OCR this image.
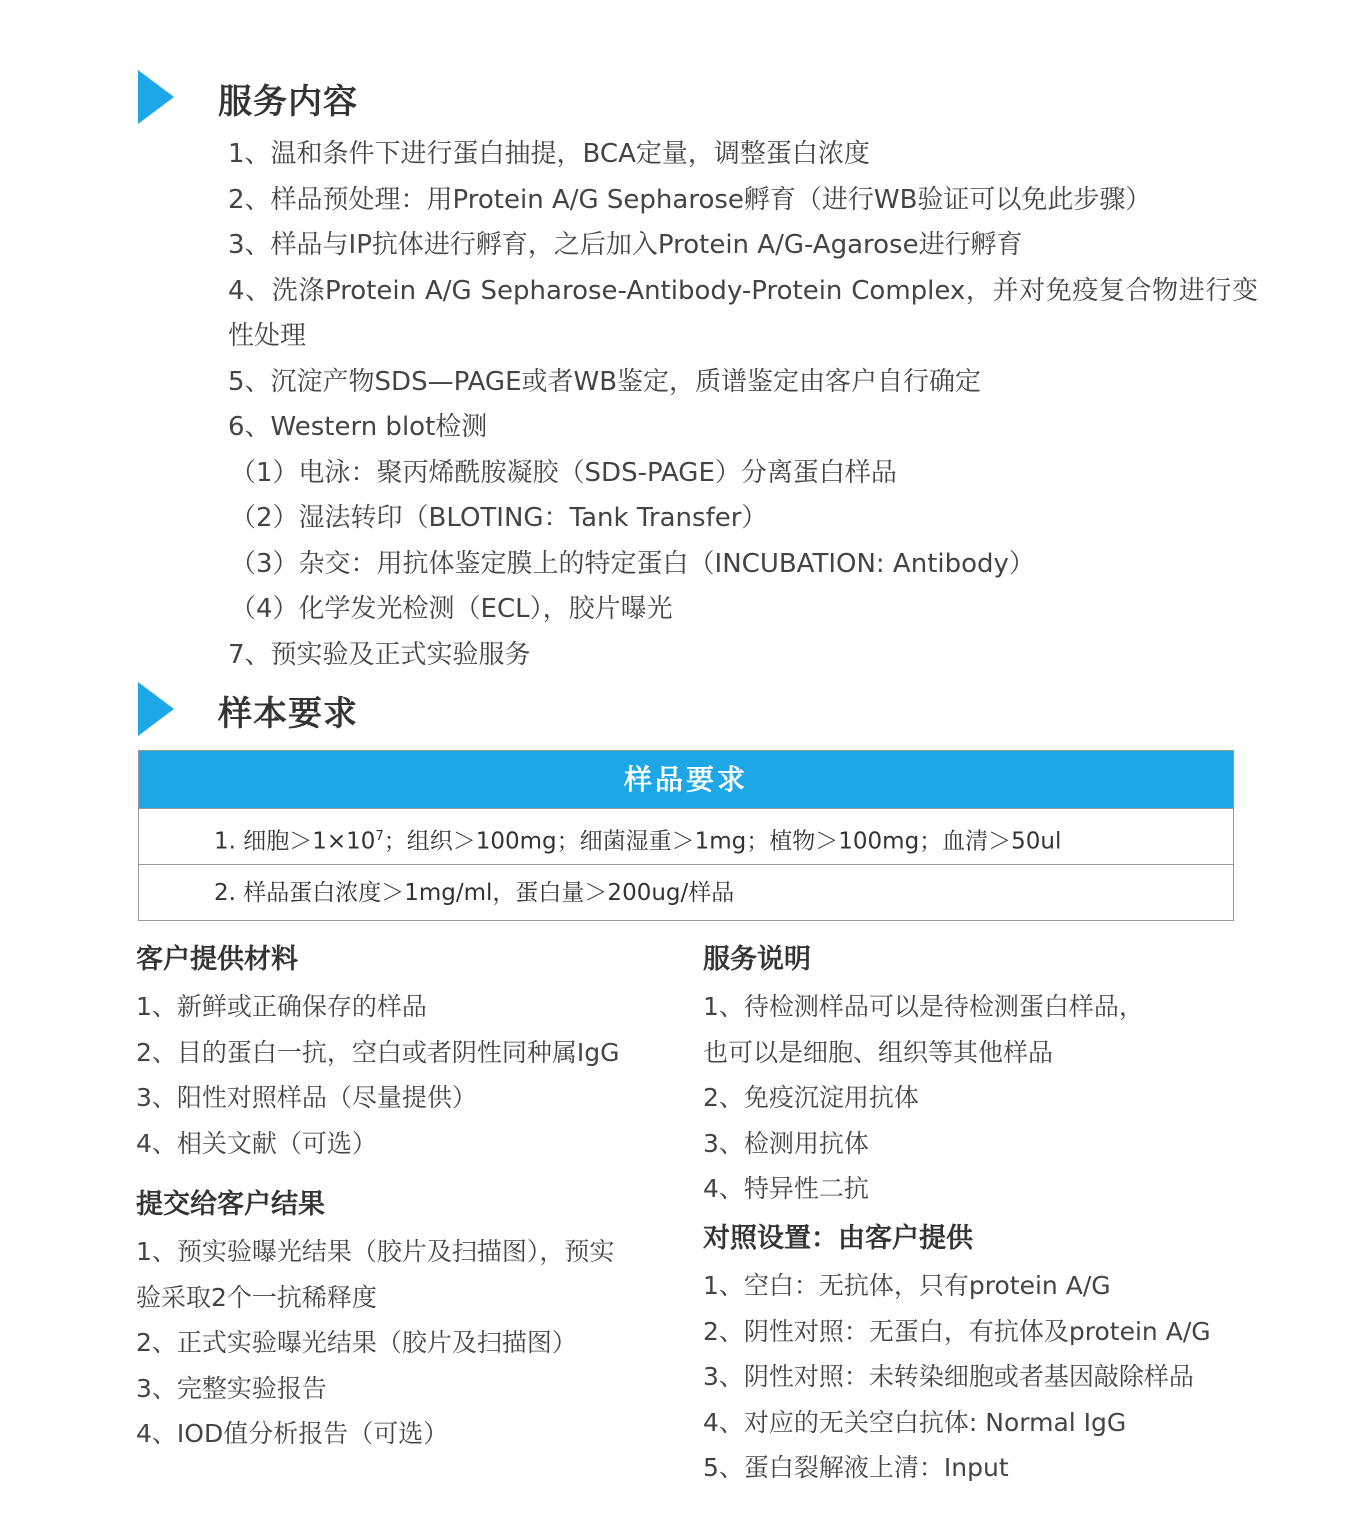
服务内容
1、温和条件下进行蛋白抽提，BCA定量，调整蛋白浓度
2、样品预处理：用Protein A/G Sepharose孵育（进行WB验证可以免此步骤）
3、样品与IP抗体进行孵育，之后加入Protein A/G-Agarose进行孵育
4、洗涤Protein A/G Sepharose-Antibody-Protein Complex，并对免疫复合物进行变性处理
5、沉淀产物SDS—PAGE或者WB鉴定，质谱鉴定由客户自行确定
6、Western blot检测
（1）电泳：聚丙烯酰胺凝胶（SDS-PAGE）分离蛋白样品
（2）湿法转印（BLOTING：Tank Transfer）
（3）杂交：用抗体鉴定膜上的特定蛋白（INCUBATION: Antibody）
（4）化学发光检测（ECL），胶片曝光
7、预实验及正式实验服务
样本要求
样品要求
1. 细胞$>1\times 10^7$；组织＞100mg；细菌湿重＞1mg；植物＞100mg；血清＞50ul
2. 样品蛋白浓度＞1mg/ml，蛋白量＞200ug/样品
客户提供材料
1、新鲜或正确保存的样品
2、目的蛋白一抗，空白或者阴性同种属IgG
3、阳性对照样品（尽量提供）
4、相关文献（可选）
提交给客户结果
1、预实验曝光结果（胶片及扫描图），预实
验采取2个一抗稀释度
2、正式实验曝光结果（胶片及扫描图）
3、完整实验报告
4、IOD值分析报告（可选）
服务说明
1、待检测样品可以是待检测蛋白样品，
也可以是细胞、组织等其他样品
2、免疫沉淀用抗体
3、检测用抗体
4、特异性二抗
对照设置：由客户提供
1、空白：无抗体，只有protein A/G
2、阴性对照：无蛋白，有抗体及protein A/G
3、阴性对照：未转染细胞或者基因敲除样品
4、对应的无关空白抗体: Normal IgG
5、蛋白裂解液上清：Input
